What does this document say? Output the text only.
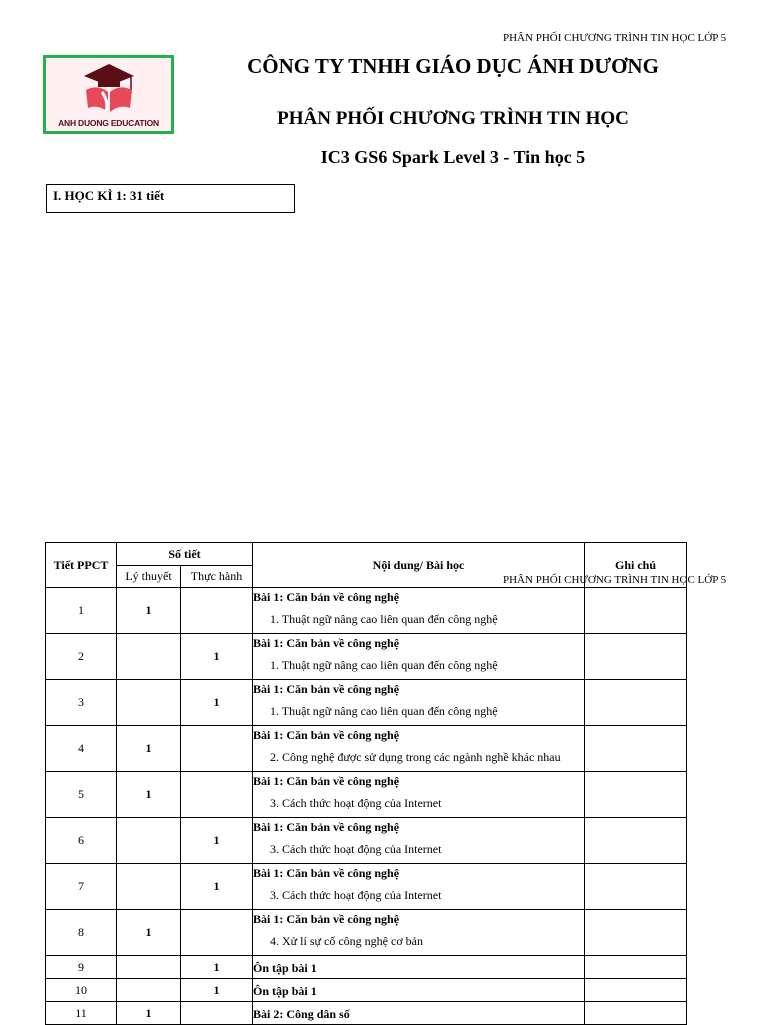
PHÂN PHỐI CHƯƠNG TRÌNH TIN HỌC LỚP 5
ANH DUONG EDUCATION
CÔNG TY TNHH GIÁO DỤC ÁNH DƯƠNG
PHÂN PHỐI CHƯƠNG TRÌNH TIN HỌC
IC3 GS6 Spark Level 3 - Tin học 5
I. HỌC KÌ 1: 31 tiết
Tiết PPCT	Số tiết		Nội dung/ Bài học	Ghi chú
	Lý thuyết	Thực hành		
1	1		Bài 1: Căn bản về công nghệ
1. Thuật ngữ nâng cao liên quan đến công nghệ	

2		1	Bài 1: Căn bản về công nghệ
1. Thuật ngữ nâng cao liên quan đến công nghệ	

3		1	Bài 1: Căn bản về công nghệ
1. Thuật ngữ nâng cao liên quan đến công nghệ	

4	1		Bài 1: Căn bản về công nghệ
2. Công nghệ được sử dụng trong các ngành nghề khác nhau	

5	1		Bài 1: Căn bản về công nghệ
3. Cách thức hoạt động của Internet	

6		1	Bài 1: Căn bản về công nghệ
3. Cách thức hoạt động của Internet	

7		1	Bài 1: Căn bản về công nghệ
3. Cách thức hoạt động của Internet	

8	1		Bài 1: Căn bản về công nghệ
4. Xử lí sự cố công nghệ cơ bản	

9		1	Ôn tập bài 1	

10		1	Ôn tập bài 1	

11	1		Bài 2: Công dân số	

PHÂN PHỐI CHƯƠNG TRÌNH TIN HỌC LỚP 5
